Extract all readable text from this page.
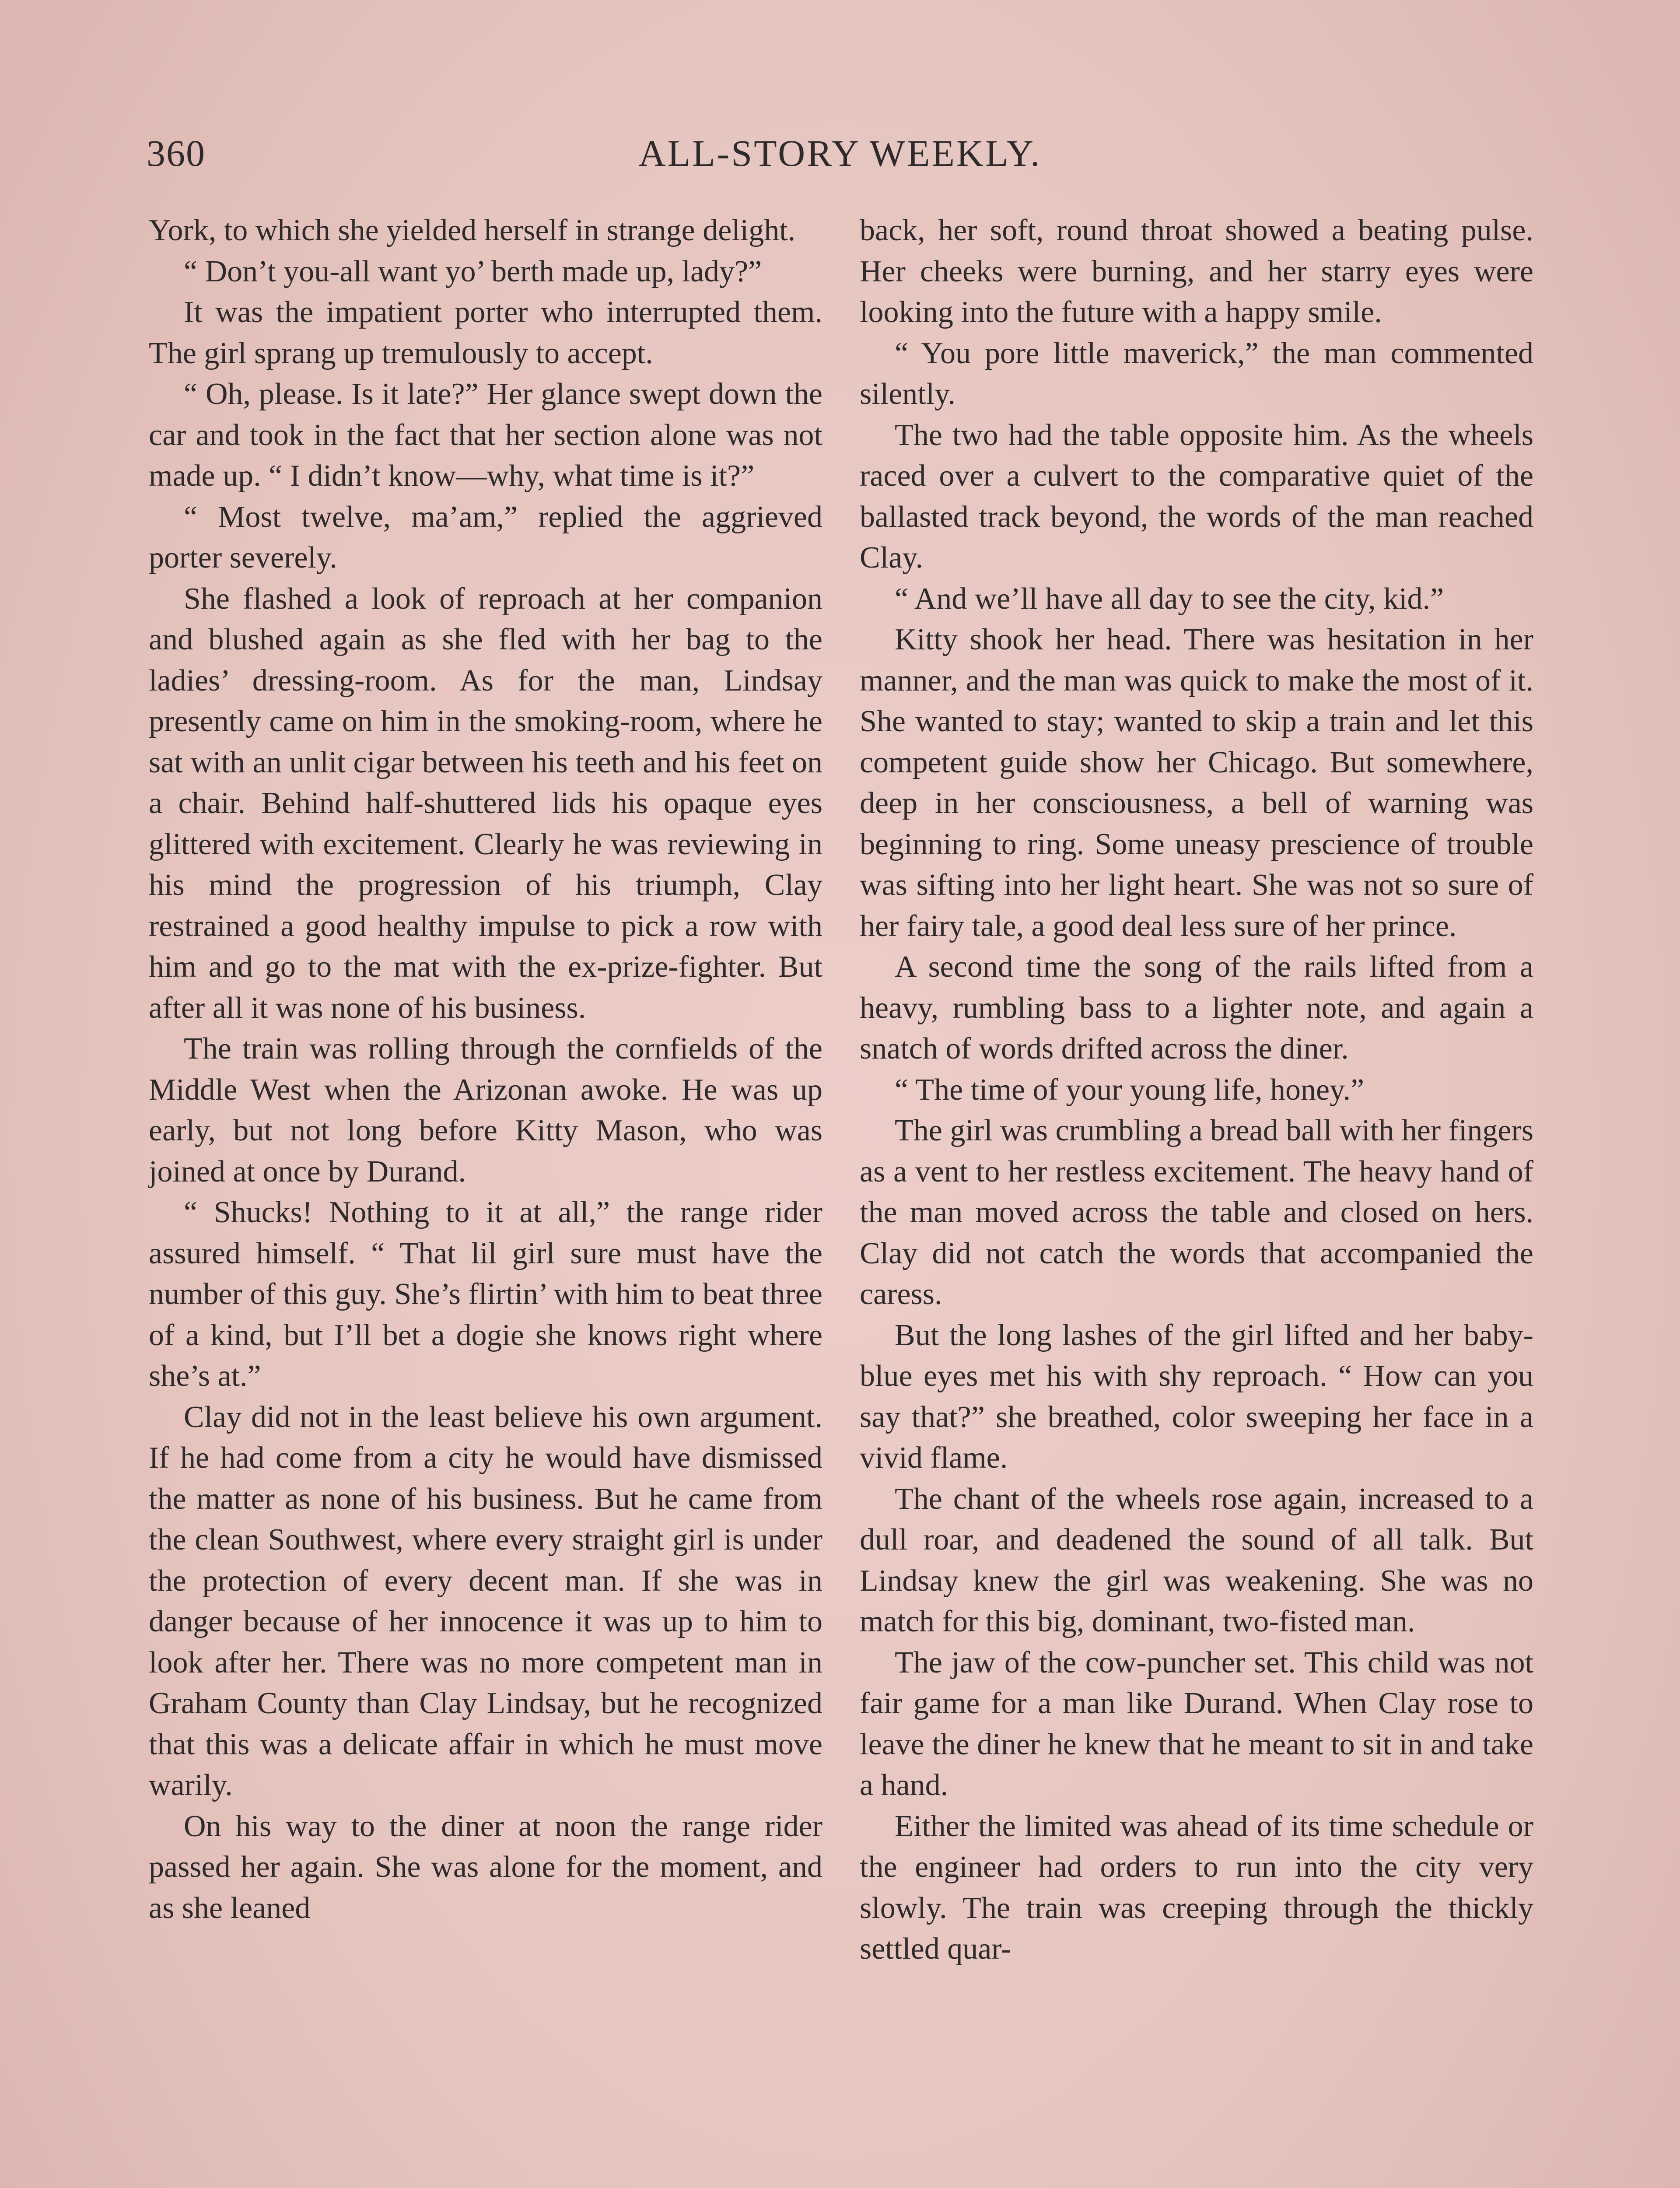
360	ALL-STORY WEEKLY.

York, to which she yielded herself in strange delight.

“ Don’t you-all want yo’ berth made up, lady?”

It was the impatient porter who interrupted them. The girl sprang up tremulously to accept.

“ Oh, please. Is it late?” Her glance swept down the car and took in the fact that her section alone was not made up. “ I didn’t know—why, what time is it?”

“ Most twelve, ma’am,” replied the aggrieved porter severely.

She flashed a look of reproach at her companion and blushed again as she fled with her bag to the ladies’ dressing-room. As for the man, Lindsay presently came on him in the smoking-room, where he sat with an unlit cigar between his teeth and his feet on a chair. Behind half-shuttered lids his opaque eyes glittered with excitement. Clearly he was reviewing in his mind the progression of his triumph, Clay restrained a good healthy impulse to pick a row with him and go to the mat with the ex-prize-fighter. But after all it was none of his business.

The train was rolling through the cornfields of the Middle West when the Arizonan awoke. He was up early, but not long before Kitty Mason, who was joined at once by Durand.

“ Shucks! Nothing to it at all,” the range rider assured himself. “ That lil girl sure must have the number of this guy. She’s flirtin’ with him to beat three of a kind, but I’ll bet a dogie she knows right where she’s at.”

Clay did not in the least believe his own argument. If he had come from a city he would have dismissed the matter as none of his business. But he came from the clean Southwest, where every straight girl is under the protection of every decent man. If she was in danger because of her innocence it was up to him to look after her. There was no more competent man in Graham County than Clay Lindsay, but he recognized that this was a delicate affair in which he must move warily.

On his way to the diner at noon the range rider passed her again. She was alone for the moment, and as she leaned

back, her soft, round throat showed a beating pulse. Her cheeks were burning, and her starry eyes were looking into the future with a happy smile.

“ You pore little maverick,” the man commented silently.

The two had the table opposite him. As the wheels raced over a culvert to the comparative quiet of the ballasted track beyond, the words of the man reached Clay.

“ And we’ll have all day to see the city, kid.”

Kitty shook her head. There was hesitation in her manner, and the man was quick to make the most of it. She wanted to stay; wanted to skip a train and let this competent guide show her Chicago. But somewhere, deep in her consciousness, a bell of warning was beginning to ring. Some uneasy prescience of trouble was sifting into her light heart. She was not so sure of her fairy tale, a good deal less sure of her prince.

A second time the song of the rails lifted from a heavy, rumbling bass to a lighter note, and again a snatch of words drifted across the diner.

“ The time of your young life, honey.”

The girl was crumbling a bread ball with her fingers as a vent to her restless excitement. The heavy hand of the man moved across the table and closed on hers. Clay did not catch the words that accompanied the caress.

But the long lashes of the girl lifted and her baby-blue eyes met his with shy reproach. “ How can you say that?” she breathed, color sweeping her face in a vivid flame.

The chant of the wheels rose again, increased to a dull roar, and deadened the sound of all talk. But Lindsay knew the girl was weakening. She was no match for this big, dominant, two-fisted man.

The jaw of the cow-puncher set. This child was not fair game for a man like Durand. When Clay rose to leave the diner he knew that he meant to sit in and take a hand.

Either the limited was ahead of its time schedule or the engineer had orders to run into the city very slowly. The train was creeping through the thickly settled quar-
